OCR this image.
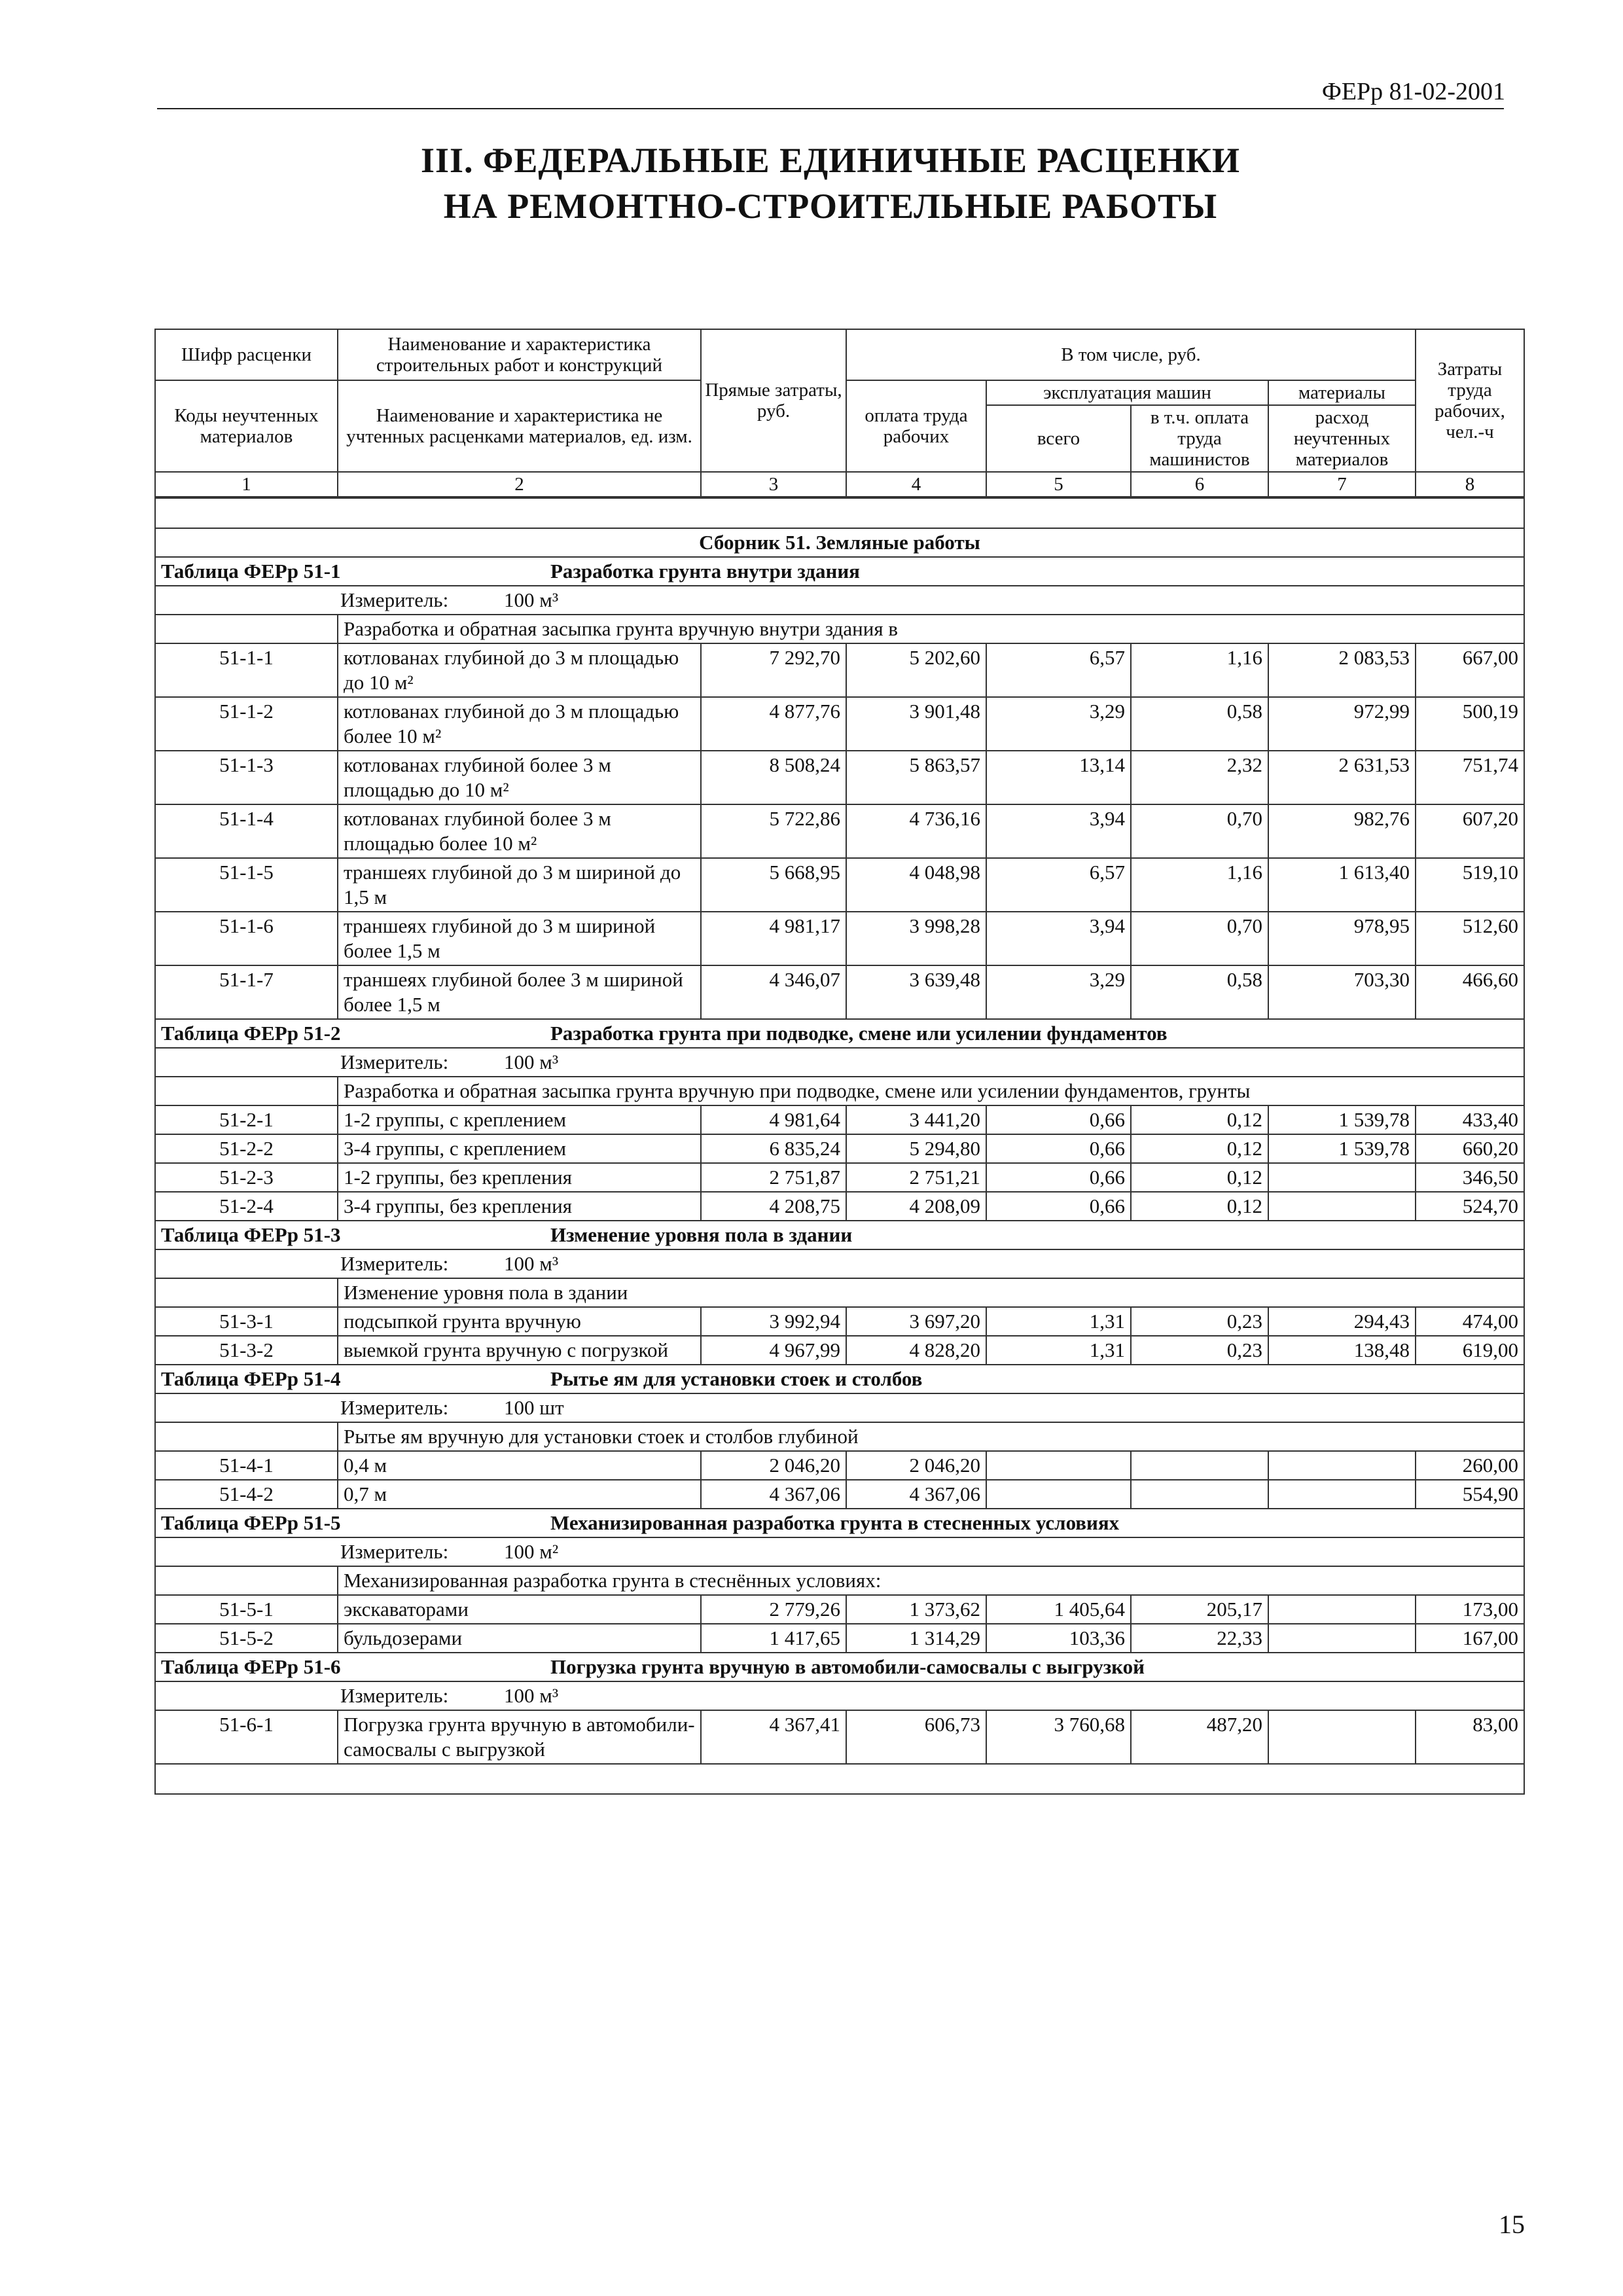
ФЕРр 81-02-2001
III. ФЕДЕРАЛЬНЫЕ ЕДИНИЧНЫЕ РАСЦЕНКИ
НА РЕМОНТНО-СТРОИТЕЛЬНЫЕ РАБОТЫ
Шифр расценки	Наименование и характеристика строительных работ и конструкций	Прямые затраты, руб.	В том числе, руб.				Затраты труда рабочих, чел.-ч
Коды неучтенных материалов	Наименование и характеристика не учтенных расценками материалов, ед. изм.		оплата труда рабочих	эксплуатация машин		материалы	
				всего	в т.ч. оплата труда машинистов	расход неучтенных материалов	
1	2	3	4	5	6	7	8

Сборник 51. Земляные работы							
Таблица ФЕРр 51-1 Разработка грунта внутри здания							
Измеритель: 100 м³							
	Разработка и обратная засыпка грунта вручную внутри здания в						
51-1-1	котлованах глубиной до 3 м площадью до 10 м²	7 292,70	5 202,60	6,57	1,16	2 083,53	667,00
51-1-2	котлованах глубиной до 3 м площадью более 10 м²	4 877,76	3 901,48	3,29	0,58	972,99	500,19
51-1-3	котлованах глубиной более 3 м площадью до 10 м²	8 508,24	5 863,57	13,14	2,32	2 631,53	751,74
51-1-4	котлованах глубиной более 3 м площадью более 10 м²	5 722,86	4 736,16	3,94	0,70	982,76	607,20
51-1-5	траншеях глубиной до 3 м шириной до 1,5 м	5 668,95	4 048,98	6,57	1,16	1 613,40	519,10
51-1-6	траншеях глубиной до 3 м шириной более 1,5 м	4 981,17	3 998,28	3,94	0,70	978,95	512,60
51-1-7	траншеях глубиной более 3 м шириной более 1,5 м	4 346,07	3 639,48	3,29	0,58	703,30	466,60
Таблица ФЕРр 51-2 Разработка грунта при подводке, смене или усилении фундаментов							
Измеритель: 100 м³							
	Разработка и обратная засыпка грунта вручную при подводке, смене или усилении фундаментов, грунты						
51-2-1	1-2 группы, с креплением	4 981,64	3 441,20	0,66	0,12	1 539,78	433,40
51-2-2	3-4 группы, с креплением	6 835,24	5 294,80	0,66	0,12	1 539,78	660,20
51-2-3	1-2 группы, без крепления	2 751,87	2 751,21	0,66	0,12		346,50
51-2-4	3-4 группы, без крепления	4 208,75	4 208,09	0,66	0,12		524,70
Таблица ФЕРр 51-3 Изменение уровня пола в здании							
Измеритель: 100 м³							
	Изменение уровня пола в здании						
51-3-1	подсыпкой грунта вручную	3 992,94	3 697,20	1,31	0,23	294,43	474,00
51-3-2	выемкой грунта вручную с погрузкой	4 967,99	4 828,20	1,31	0,23	138,48	619,00
Таблица ФЕРр 51-4 Рытье ям для установки стоек и столбов							
Измеритель: 100 шт							
	Рытье ям вручную для установки стоек и столбов глубиной						
51-4-1	0,4 м	2 046,20	2 046,20				260,00
51-4-2	0,7 м	4 367,06	4 367,06				554,90
Таблица ФЕРр 51-5 Механизированная разработка грунта в стесненных условиях							
Измеритель: 100 м²							
	Механизированная разработка грунта в стеснённых условиях:						
51-5-1	экскаваторами	2 779,26	1 373,62	1 405,64	205,17		173,00
51-5-2	бульдозерами	1 417,65	1 314,29	103,36	22,33		167,00
Таблица ФЕРр 51-6 Погрузка грунта вручную в автомобили-самосвалы с выгрузкой							
Измеритель: 100 м³							
51-6-1	Погрузка грунта вручную в автомобили-самосвалы с выгрузкой	4 367,41	606,73	3 760,68	487,20		83,00

15
